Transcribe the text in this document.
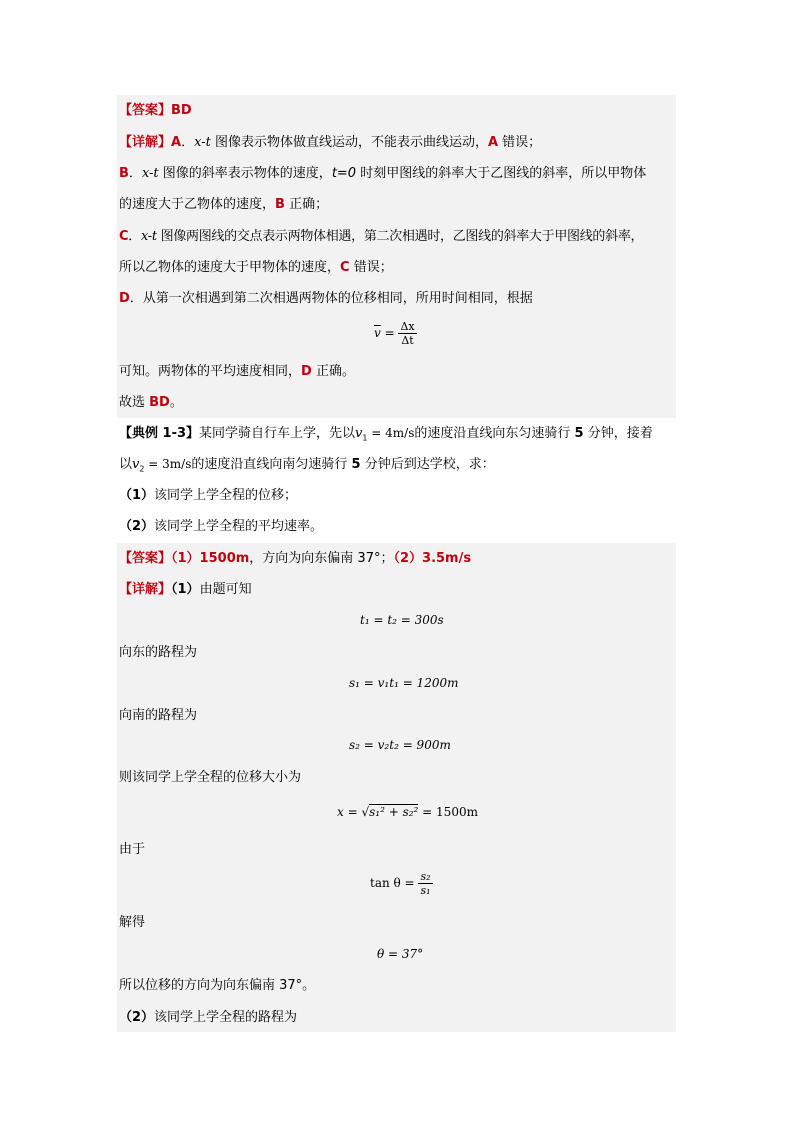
【答案】BD
【详解】A．x-t 图像表示物体做直线运动，不能表示曲线运动，A 错误；
B．x-t 图像的斜率表示物体的速度，t=0 时刻甲图线的斜率大于乙图线的斜率，所以甲物体
的速度大于乙物体的速度，B 正确；
C．x-t 图像两图线的交点表示两物体相遇，第二次相遇时，乙图线的斜率大于甲图线的斜率，
所以乙物体的速度大于甲物体的速度，C 错误；
D．从第一次相遇到第二次相遇两物体的位移相同，所用时间相同，根据
$\overline{v} = \frac{\Delta x}{\Delta t}$
可知。两物体的平均速度相同，D 正确。
故选 BD。
【典例 1-3】某同学骑自行车上学，先以$v_1 = 4m/s$的速度沿直线向东匀速骑行 5 分钟，接着
以$v_2 = 3m/s$的速度沿直线向南匀速骑行 5 分钟后到达学校，求：
（1）该同学上学全程的位移；
（2）该同学上学全程的平均速率。
【答案】（1）1500m，方向为向东偏南 37°；（2）3.5m/s
【详解】（1）由题可知
t₁ = t₂ = 300s
向东的路程为
s₁ = v₁t₁ = 1200m
向南的路程为
s₂ = v₂t₂ = 900m
则该同学上学全程的位移大小为
x = √s₁² + s₂² = 1500m
由于
$\tan \theta = \frac{\text{s₂}}{\text{s₁}}$
解得
θ = 37°
所以位移的方向为向东偏南 37°。
（2）该同学上学全程的路程为
